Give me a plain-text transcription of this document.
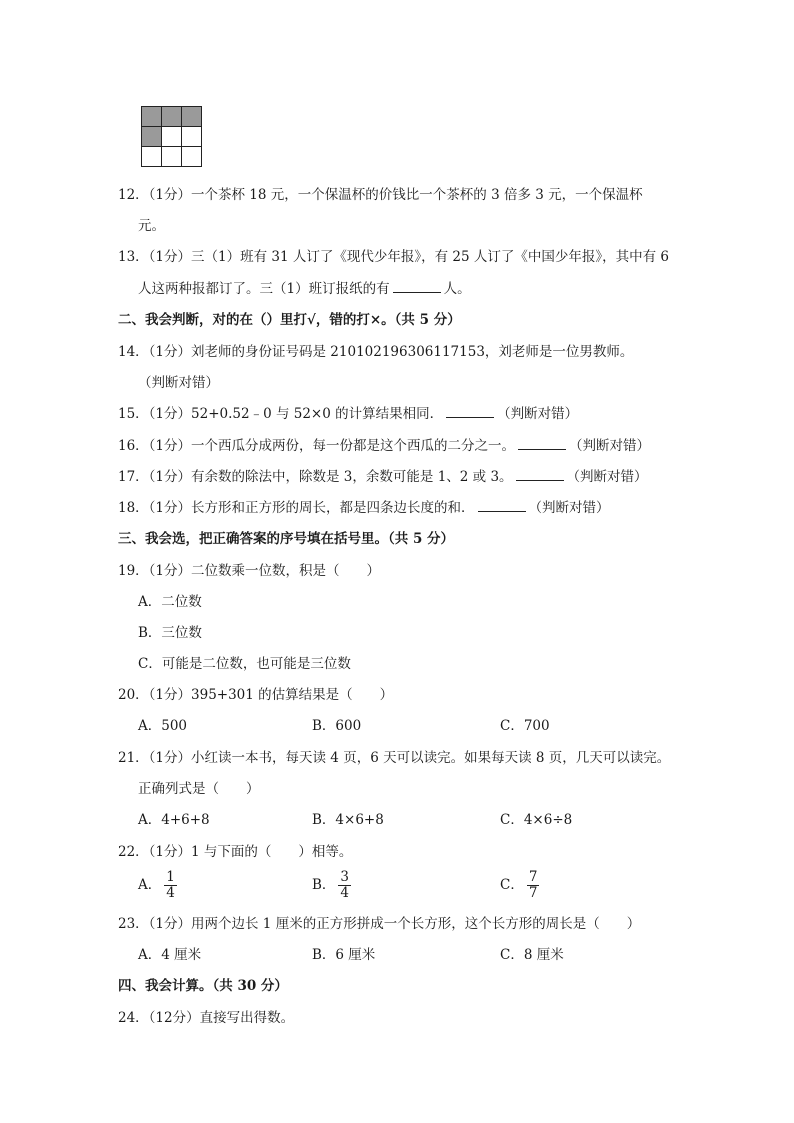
12．（1分）一个茶杯 18 元，一个保温杯的价钱比一个茶杯的 3 倍多 3 元，一个保温杯
元。
13．（1分）三（1）班有 31 人订了《现代少年报》，有 25 人订了《中国少年报》，其中有 6
人这两种报都订了。三（1）班订报纸的有	人。
二、我会判断，对的在（）里打√，错的打×。（共 5 分）
14．（1分）刘老师的身份证号码是 210102196306117153，刘老师是一位男教师。
（判断对错）
15．（1分）52+0.52﹣0 与 52×0 的计算结果相同．	（判断对错）
16．（1分）一个西瓜分成两份，每一份都是这个西瓜的二分之一。	（判断对错）
17．（1分）有余数的除法中，除数是 3，余数可能是 1、2 或 3。	（判断对错）
18．（1分）长方形和正方形的周长，都是四条边长度的和．	（判断对错）
三、我会选，把正确答案的序号填在括号里。（共 5 分）
19．（1分）二位数乘一位数，积是（　　）
A．二位数
B．三位数
C．可能是二位数，也可能是三位数
20．（1分）395+301 的估算结果是（　　）
A．500	B．600	C．700
21．（1分）小红读一本书，每天读 4 页，6 天可以读完。如果每天读 8 页，几天可以读完。
正确列式是（　　）
A．4+6+8	B．4×6+8	C．4×6÷8
22．（1分）1 与下面的（　　）相等。
A． $\frac{1}{4}$	B． $\frac{3}{4}$	C． $\frac{7}{7}$
23．（1分）用两个边长 1 厘米的正方形拼成一个长方形，这个长方形的周长是（　　）
A．4 厘米	B．6 厘米	C．8 厘米
四、我会计算。（共 30 分）
24．（12分）直接写出得数。
